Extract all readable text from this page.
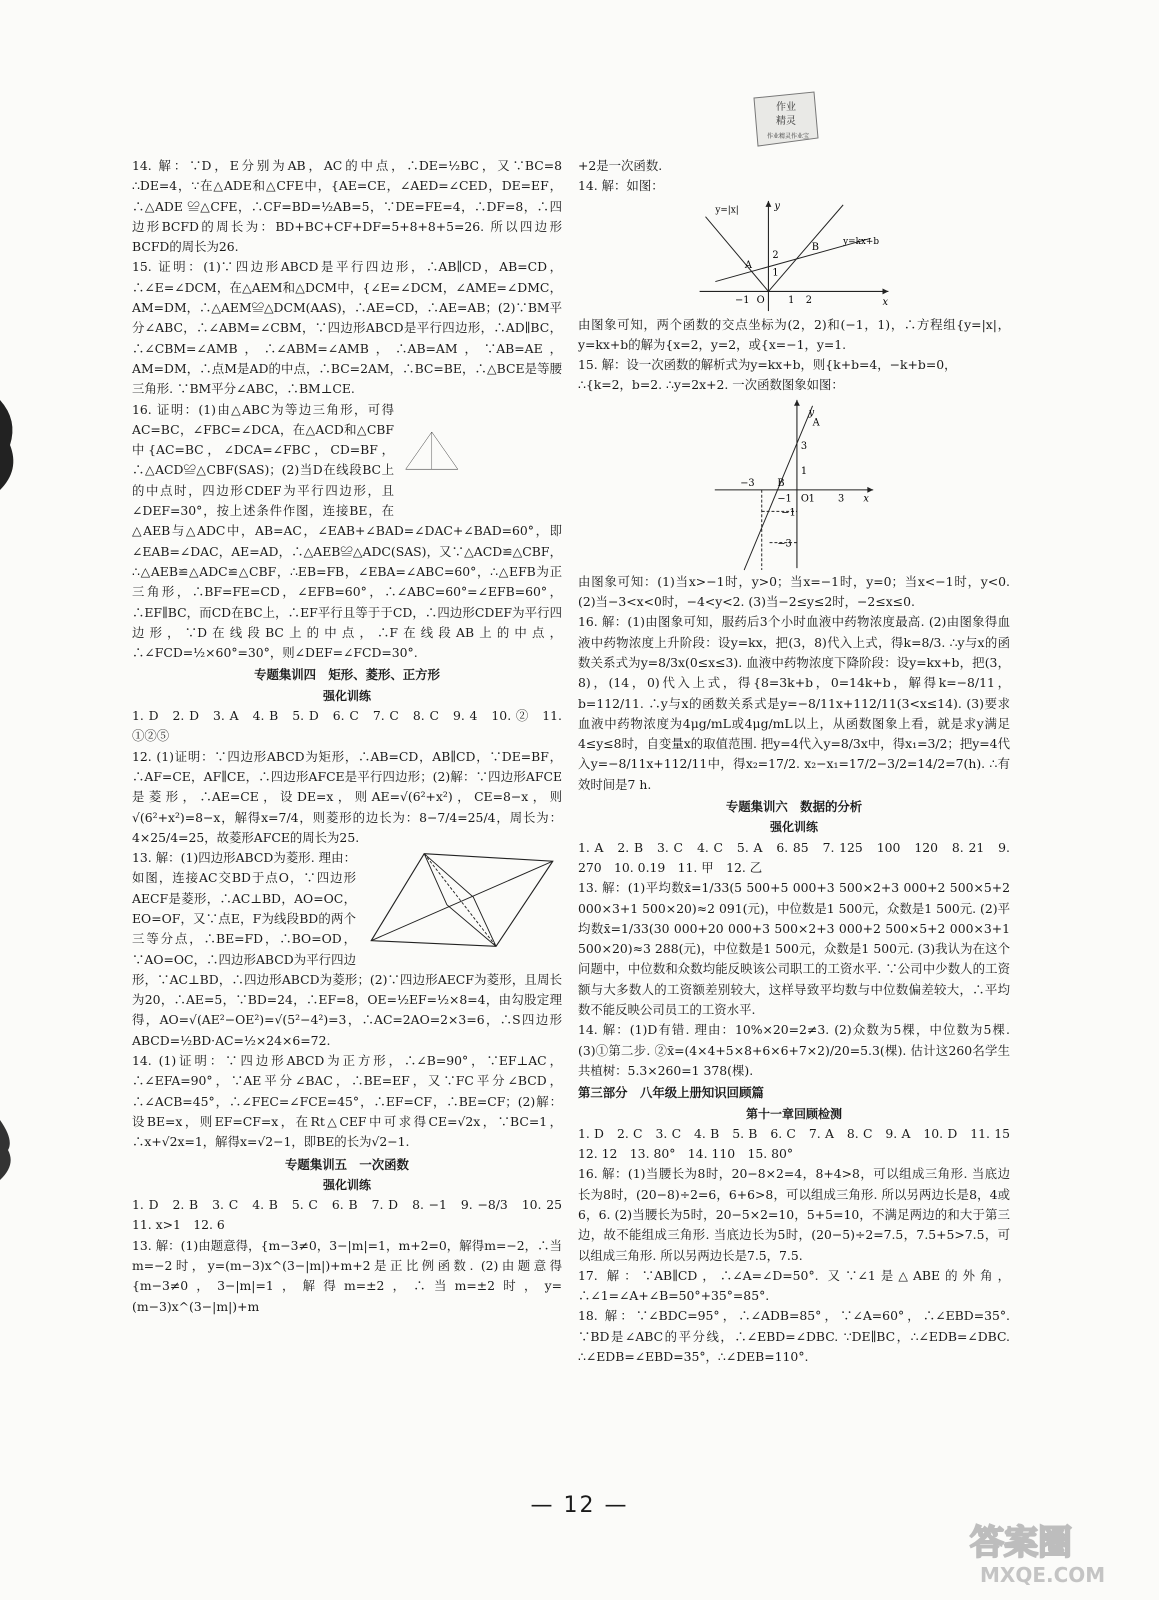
作业
精灵
作业精灵作业宝

14. 解：∵D，E分别为AB，AC的中点，∴DE=½BC，又∵BC=8 ∴DE=4，∵在△ADE和△CFE中，{AE=CE，∠AED=∠CED，DE=EF，∴△ADE ≌△CFE，∴CF=BD=½AB=5，∵DE=FE=4，∴DF=8，∴四边形BCFD的周长为：BD+BC+CF+DF=5+8+8+5=26. 所以四边形BCFD的周长为26.

15. 证明：(1)∵四边形ABCD是平行四边形，∴AB∥CD，AB=CD，∴∠E=∠DCM，在△AEM和△DCM中，{∠E=∠DCM，∠AME=∠DMC，AM=DM，∴△AEM≌△DCM(AAS)，∴AE=CD，∴AE=AB；(2)∵BM平分∠ABC，∴∠ABM=∠CBM，∵四边形ABCD是平行四边形，∴AD∥BC，∴∠CBM=∠AMB，∴∠ABM=∠AMB，∴AB=AM，∵AB=AE，AM=DM，∴点M是AD的中点，∴BC=2AM，∴BC=BE，∴△BCE是等腰三角形. ∵BM平分∠ABC，∴BM⊥CE.

16. 证明：(1)由△ABC为等边三角形，可得AC=BC，∠FBC=∠DCA，在△ACD和△CBF中{AC=BC，∠DCA=∠FBC，CD=BF，∴△ACD≌△CBF(SAS)；(2)当D在线段BC上的中点时，四边形CDEF为平行四边形，且∠DEF=30°，按上述条件作图，连接BE，在△AEB与△ADC中，AB=AC，∠EAB+∠BAD=∠DAC+∠BAD=60°，即∠EAB=∠DAC，AE=AD，∴△AEB≌△ADC(SAS)，又∵△ACD≌△CBF，∴△AEB≌△ADC≌△CBF，∴EB=FB，∠EBA=∠ABC=60°，∴△EFB为正三角形，∴BF=FE=CD，∠EFB=60°，∴∠ABC=60°=∠EFB=60°，∴EF∥BC，而CD在BC上，∴EF平行且等于于CD，∴四边形CDEF为平行四边形，∵D在线段BC上的中点，∴F在线段AB上的中点，∴∠FCD=½×60°=30°，则∠DEF=∠FCD=30°.

专题集训四　矩形、菱形、正方形

强化训练

1. D　2. D　3. A　4. B　5. D　6. C　7. C　8. C　9. 4　10. ②　11. ①②⑤

12. (1)证明：∵四边形ABCD为矩形，∴AB=CD，AB∥CD，∵DE=BF，∴AF=CE，AF∥CE，∴四边形AFCE是平行四边形；(2)解：∵四边形AFCE是菱形，∴AE=CE，设DE=x，则AE=√(6²+x²)，CE=8−x，则√(6²+x²)=8−x，解得x=7/4，则菱形的边长为：8−7/4=25/4，周长为：4×25/4=25，故菱形AFCE的周长为25.

13. 解：(1)四边形ABCD为菱形. 理由：如图，连接AC交BD于点O，∵四边形AECF是菱形，∴AC⊥BD，AO=OC，EO=OF，又∵点E，F为线段BD的两个三等分点，∴BE=FD，∴BO=OD，∵AO=OC，∴四边形ABCD为平行四边形，∵AC⊥BD，∴四边形ABCD为菱形；(2)∵四边形AECF为菱形，且周长为20，∴AE=5，∵BD=24，∴EF=8，OE=½EF=½×8=4，由勾股定理得，AO=√(AE²−OE²)=√(5²−4²)=3，∴AC=2AO=2×3=6，∴S四边形ABCD=½BD·AC=½×24×6=72.

14. (1)证明：∵四边形ABCD为正方形，∴∠B=90°，∵EF⊥AC，∴∠EFA=90°，∵AE平分∠BAC，∴BE=EF，又∵FC平分∠BCD，∴∠ACB=45°，∴∠FEC=∠FCE=45°，∴EF=CF，∴BE=CF；(2)解：设BE=x，则EF=CF=x，在Rt△CEF中可求得CE=√2x，∵BC=1，∴x+√2x=1，解得x=√2−1，即BE的长为√2−1.

专题集训五　一次函数

强化训练

1. D　2. B　3. C　4. B　5. C　6. B　7. D　8. −1　9. −8/3　10. 25　11. x>1　12. 6

13. 解：(1)由题意得，{m−3≠0，3−|m|=1，m+2=0，解得m=−2，∴当m=−2时，y=(m−3)x^(3−|m|)+m+2是正比例函数. (2)由题意得{m−3≠0，3−|m|=1，解得m=±2，∴当m=±2时，y=(m−3)x^(3−|m|)+m

+2是一次函数.

14. 解：如图：

y=|x|
y=kx+b
x
y
O
−1	1 2
A
B
1
2

由图象可知，两个函数的交点坐标为(2，2)和(−1，1)，∴方程组{y=|x|，y=kx+b的解为{x=2，y=2，或{x=−1，y=1.

15. 解：设一次函数的解析式为y=kx+b，则{k+b=4，−k+b=0，

∴{k=2，b=2. ∴y=2x+2. 一次函数图象如图：

y
x
A
B
O
−3
−1 1 3
−1
−3
1
3

由图象可知：(1)当x>−1时，y>0；当x=−1时，y=0；当x<−1时，y<0. (2)当−3<x<0时，−4<y<2. (3)当−2≤y≤2时，−2≤x≤0.

16. 解：(1)由图象可知，服药后3个小时血液中药物浓度最高. (2)由图象得血液中药物浓度上升阶段：设y=kx，把(3，8)代入上式，得k=8/3. ∴y与x的函数关系式为y=8/3x(0≤x≤3). 血液中药物浓度下降阶段：设y=kx+b，把(3，8)，(14，0)代入上式，得{8=3k+b，0=14k+b，解得k=−8/11，b=112/11. ∴y与x的函数关系式是y=−8/11x+112/11(3<x≤14). (3)要求血液中药物浓度为4μg/mL或4μg/mL以上，从函数图象上看，就是求y满足4≤y≤8时，自变量x的取值范围. 把y=4代入y=8/3x中，得x₁=3/2；把y=4代入y=−8/11x+112/11中，得x₂=17/2. x₂−x₁=17/2−3/2=14/2=7(h). ∴有效时间是7 h.

专题集训六　数据的分析

强化训练

1. A　2. B　3. C　4. C　5. A　6. 85　7. 125　100　120　8. 21　9. 270　10. 0.19　11. 甲　12. 乙

13. 解：(1)平均数x̄=1/33(5 500+5 000+3 500×2+3 000+2 500×5+2 000×3+1 500×20)≈2 091(元)，中位数是1 500元，众数是1 500元. (2)平均数x̄=1/33(30 000+20 000+3 500×2+3 000+2 500×5+2 000×3+1 500×20)≈3 288(元)，中位数是1 500元，众数是1 500元. (3)我认为在这个问题中，中位数和众数均能反映该公司职工的工资水平. ∵公司中少数人的工资额与大多数人的工资额差别较大，这样导致平均数与中位数偏差较大，∴平均数不能反映公司员工的工资水平.

14. 解：(1)D有错. 理由：10%×20=2≠3. (2)众数为5棵，中位数为5棵. (3)①第二步. ②x̄=(4×4+5×8+6×6+7×2)/20=5.3(棵). 估计这260名学生共植树：5.3×260=1 378(棵).

第三部分　八年级上册知识回顾篇

第十一章回顾检测

1. D　2. C　3. C　4. B　5. B　6. C　7. A　8. C　9. A　10. D　11. 15　12. 12　13. 80°　14. 110　15. 80°

16. 解：(1)当腰长为8时，20−8×2=4，8+4>8，可以组成三角形. 当底边长为8时，(20−8)÷2=6，6+6>8，可以组成三角形. 所以另两边长是8，4或6，6. (2)当腰长为5时，20−5×2=10，5+5=10，不满足两边的和大于第三边，故不能组成三角形. 当底边长为5时，(20−5)÷2=7.5，7.5+5>7.5，可以组成三角形. 所以另两边长是7.5，7.5.

17. 解：∵AB∥CD，∴∠A=∠D=50°. 又∵∠1是△ABE的外角，∴∠1=∠A+∠B=50°+35°=85°.

18. 解：∵∠BDC=95°，∴∠ADB=85°，∵∠A=60°，∴∠EBD=35°. ∵BD是∠ABC的平分线，∴∠EBD=∠DBC. ∵DE∥BC，∴∠EDB=∠DBC. ∴∠EDB=∠EBD=35°，∴∠DEB=110°.

— 12 —
答案圈
MXQE.COM
